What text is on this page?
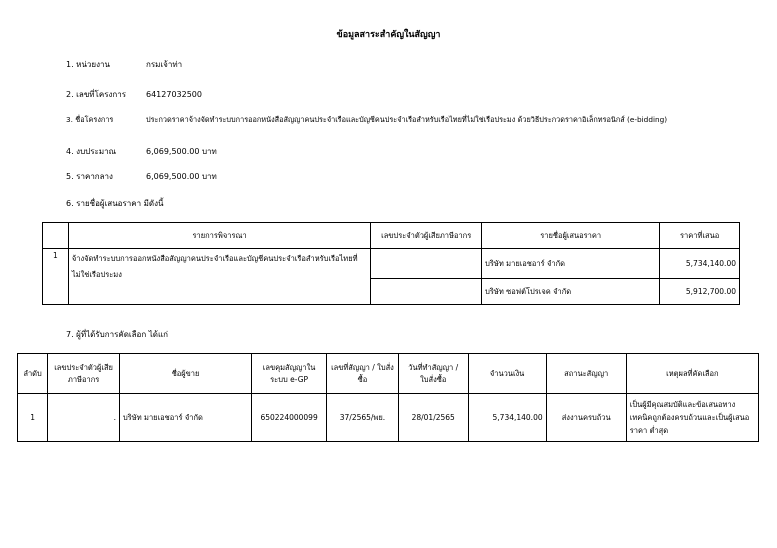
ข้อมูลสาระสำคัญในสัญญา
1. หน่วยงาน	กรมเจ้าท่า
2. เลขที่โครงการ 64127032500
3. ชื่อโครงการ	ประกวดราคาจ้างจัดทำระบบการออกหนังสือสัญญาคนประจำเรือและบัญชีคนประจำเรือสำหรับเรือไทยที่ไม่ใช่เรือประมง ด้วยวิธีประกวดราคาอิเล็กทรอนิกส์ (e-bidding)
4. งบประมาณ	6,069,500.00 บาท
5. ราคากลาง	6,069,500.00 บาท
6. รายชื่อผู้เสนอราคา มีดังนี้
	รายการพิจารณา	เลขประจำตัวผู้เสียภาษีอากร	รายชื่อผู้เสนอราคา	ราคาที่เสนอ
1	จ้างจัดทำระบบการออกหนังสือสัญญาคนประจำเรือและบัญชีคนประจำเรือสำหรับเรือไทยที่ไม่ใช่เรือประมง		บริษัท มายเอชอาร์ จำกัด	5,734,140.00
			บริษัท ซอฟต์โปรเจค จำกัด	5,912,700.00
7. ผู้ที่ได้รับการคัดเลือก ได้แก่
ลำดับ	เลขประจำตัวผู้เสียภาษีอากร	ชื่อผู้ขาย	เลขคุมสัญญาในระบบ e-GP	เลขที่สัญญา / ใบสั่งซื้อ	วันที่ทำสัญญา / ใบสั่งซื้อ	จำนวนเงิน	สถานะสัญญา	เหตุผลที่คัดเลือก
1	.	บริษัท มายเอชอาร์ จำกัด	650224000099	37/2565/พย.	28/01/2565	5,734,140.00	ส่งงานครบถ้วน	เป็นผู้มีคุณสมบัติและข้อเสนอทางเทคนิคถูกต้องครบถ้วนและเป็นผู้เสนอราคา ต่ำสุด
